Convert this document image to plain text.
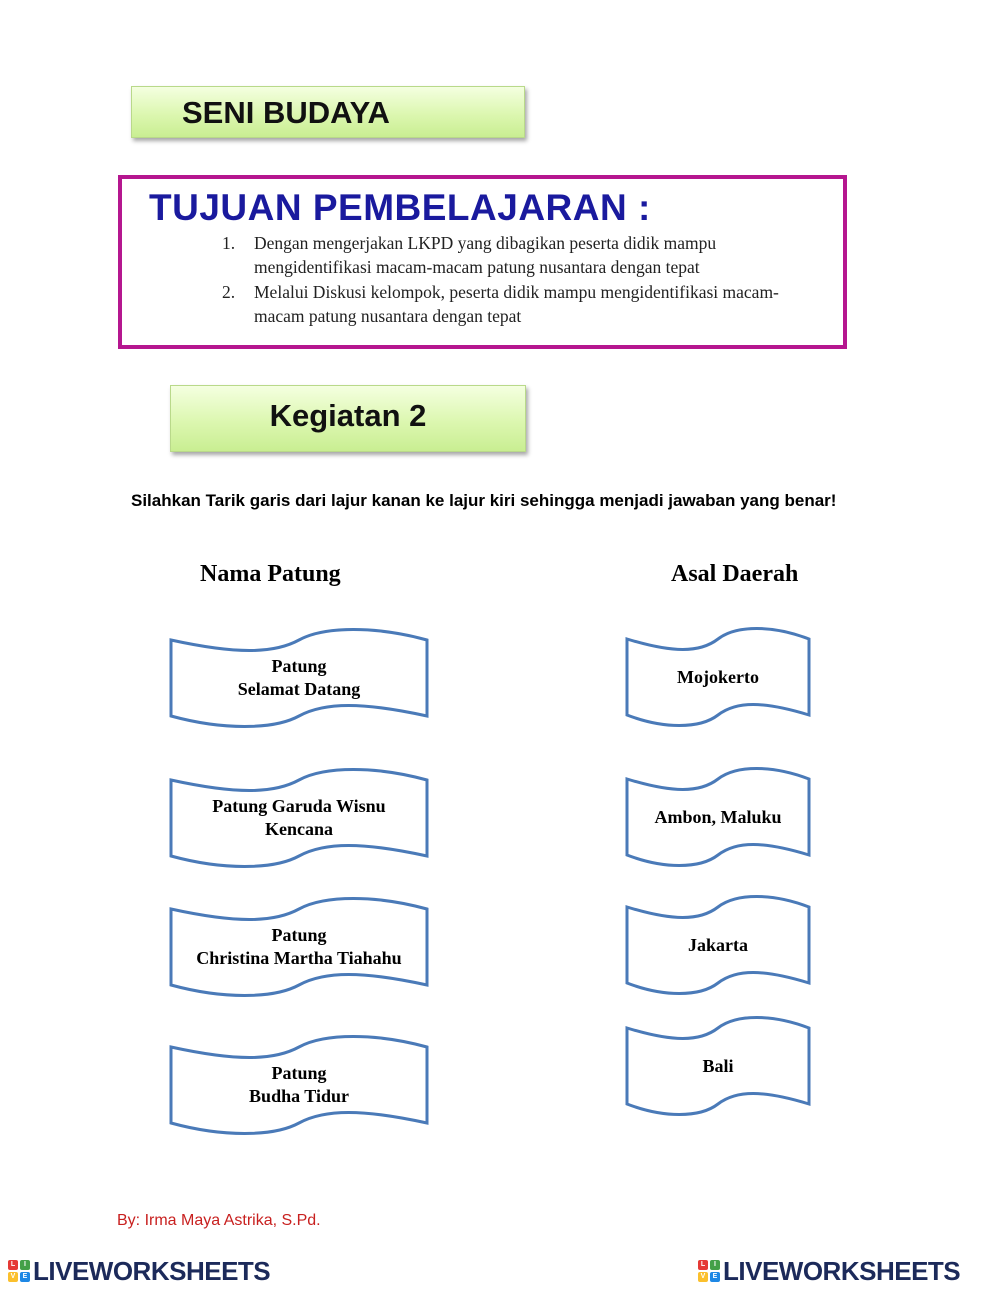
SENI BUDAYA
TUJUAN PEMBELAJARAN :
1. Dengan mengerjakan LKPD yang dibagikan peserta didik mampu mengidentifikasi macam-macam patung nusantara dengan tepat
2. Melalui Diskusi kelompok, peserta didik mampu mengidentifikasi macam-macam patung nusantara dengan tepat
Kegiatan 2
Silahkan Tarik garis dari lajur kanan ke lajur kiri sehingga menjadi jawaban yang benar!
Nama Patung	Asal Daerah
Patung
Selamat Datang
Patung Garuda Wisnu
Kencana
Patung
Christina Martha Tiahahu
Patung
Budha Tidur
Mojokerto
Ambon, Maluku
Jakarta
Bali
By: Irma Maya Astrika, S.Pd.
L	I
V	E LIVEWORKSHEETS	L	I
V	E LIVEWORKSHEETS
